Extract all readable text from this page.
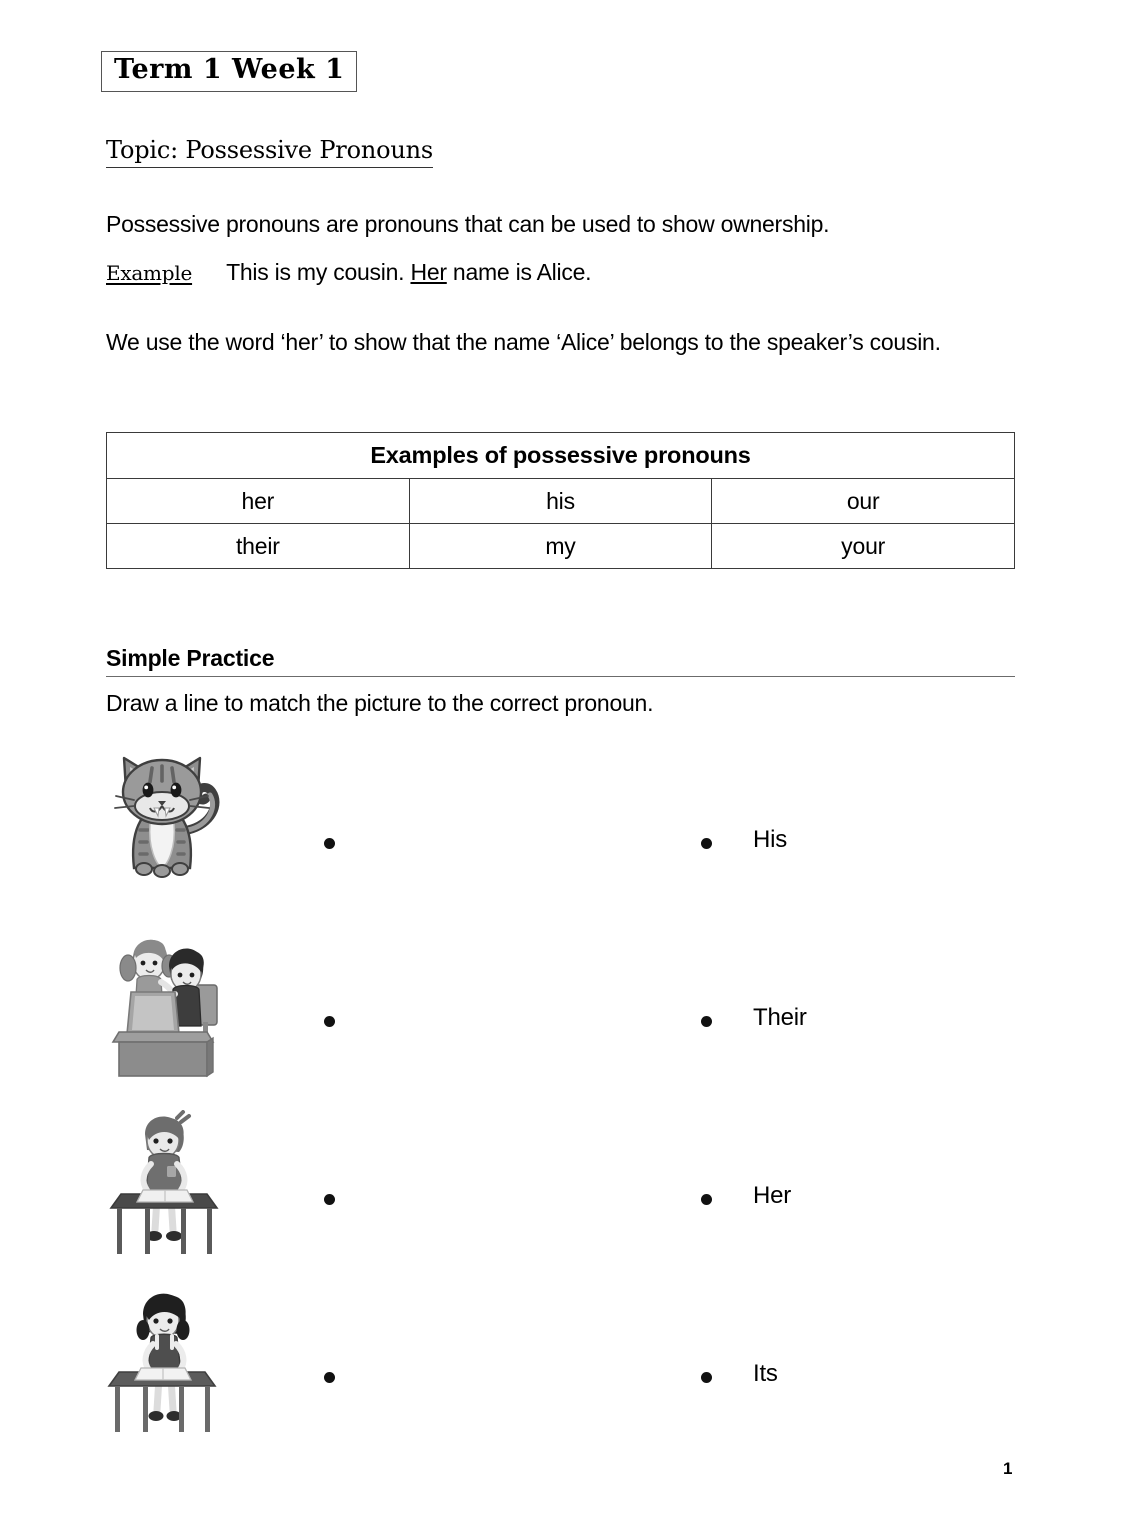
Term 1 Week 1
Topic: Possessive Pronouns
Possessive pronouns are pronouns that can be used to show ownership.
Example This is my cousin. Her name is Alice.
We use the word ‘her’ to show that the name ‘Alice’ belongs to the speaker’s cousin.
Examples of possessive pronouns		
her	his	our
their	my	your
Simple Practice
Draw a line to match the picture to the correct pronoun.
His
Their
Her
Its
1
